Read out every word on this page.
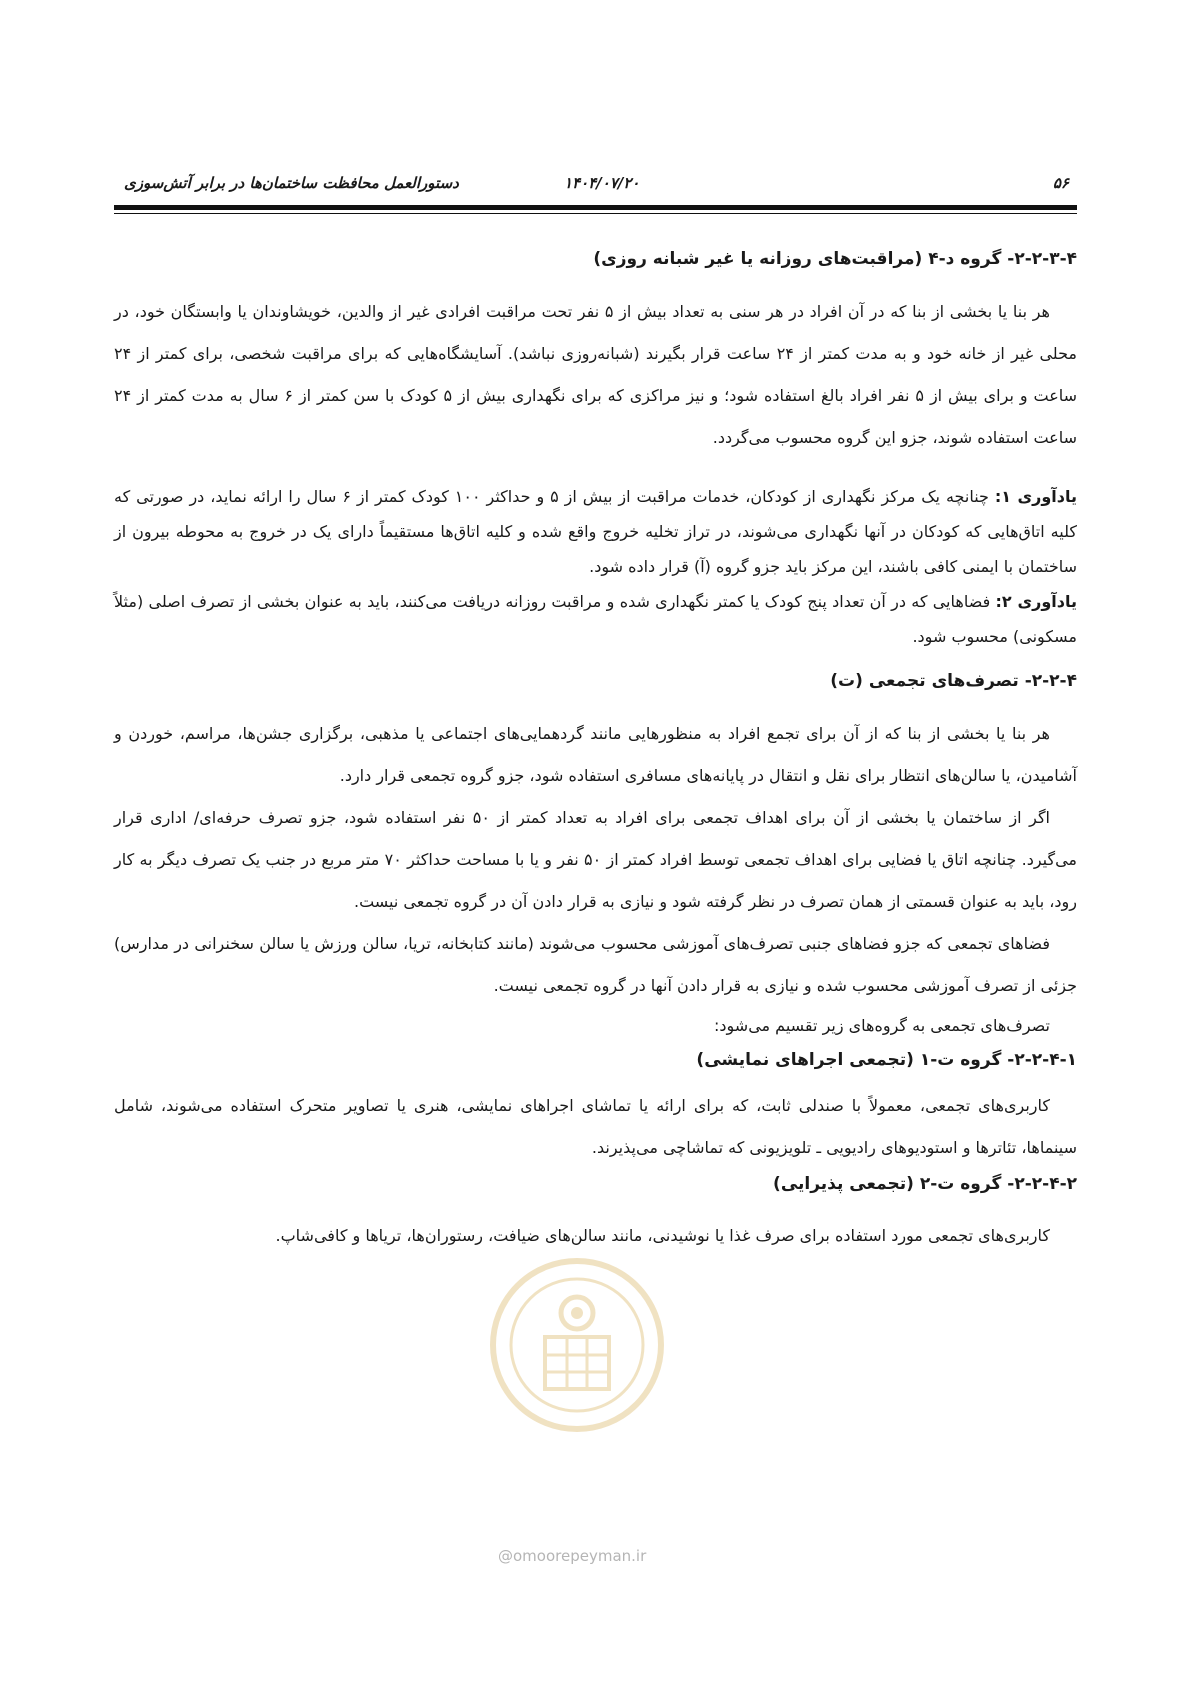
دستورالعمل محافظت ساختمان‌ها در برابر آتش‌سوزی	۱۴۰۴/۰۷/۲۰	۵۶
۲-۲-۳-۴- گروه د-۴ (مراقبت‌های روزانه یا غیر شبانه روزی)

هر بنا یا بخشی از بنا که در آن افراد در هر سنی به تعداد بیش از ۵ نفر تحت مراقبت افرادی غیر از والدین، خویشاوندان یا وابستگان خود، در محلی غیر از خانه خود و به مدت کمتر از ۲۴ ساعت قرار بگیرند (شبانه‌روزی نباشد). آسایشگاه‌هایی که برای مراقبت شخصی، برای کمتر از ۲۴ ساعت و برای بیش از ۵ نفر افراد بالغ استفاده شود؛ و نیز مراکزی که برای نگهداری بیش از ۵ کودک با سن کمتر از ۶ سال به مدت کمتر از ۲۴ ساعت استفاده شوند، جزو این گروه محسوب می‌گردد.

یادآوری ۱: چنانچه یک مرکز نگهداری از کودکان، خدمات مراقبت از بیش از ۵ و حداکثر ۱۰۰ کودک کمتر از ۶ سال را ارائه نماید، در صورتی که کلیه اتاق‌هایی که کودکان در آنها نگهداری می‌شوند، در تراز تخلیه خروج واقع شده و کلیه اتاق‌ها مستقیماً دارای یک در خروج به محوطه بیرون از ساختمان با ایمنی کافی باشند، این مرکز باید جزو گروه (آ) قرار داده شود.

یادآوری ۲: فضاهایی که در آن تعداد پنج کودک یا کمتر نگهداری شده و مراقبت روزانه دریافت می‌کنند، باید به عنوان بخشی از تصرف اصلی (مثلاً مسکونی) محسوب شود.

۲-۲-۴- تصرف‌های تجمعی (ت)

هر بنا یا بخشی از بنا که از آن برای تجمع افراد به منظورهایی مانند گردهمایی‌های اجتماعی یا مذهبی، برگزاری جشن‌ها، مراسم، خوردن و آشامیدن، یا سالن‌های انتظار برای نقل و انتقال در پایانه‌های مسافری استفاده شود، جزو گروه تجمعی قرار دارد.

اگر از ساختمان یا بخشی از آن برای اهداف تجمعی برای افراد به تعداد کمتر از ۵۰ نفر استفاده شود، جزو تصرف حرفه‌ای/ اداری قرار می‌گیرد. چنانچه اتاق یا فضایی برای اهداف تجمعی توسط افراد کمتر از ۵۰ نفر و یا با مساحت حداکثر ۷۰ متر مربع در جنب یک تصرف دیگر به کار رود، باید به عنوان قسمتی از همان تصرف در نظر گرفته شود و نیازی به قرار دادن آن در گروه تجمعی نیست.

فضاهای تجمعی که جزو فضاهای جنبی تصرف‌های آموزشی محسوب می‌شوند (مانند کتابخانه، تریا، سالن ورزش یا سالن سخنرانی در مدارس) جزئی از تصرف آموزشی محسوب شده و نیازی به قرار دادن آنها در گروه تجمعی نیست.

تصرف‌های تجمعی به گروه‌های زیر تقسیم می‌شود:

۲-۲-۴-۱- گروه ت-۱ (تجمعی اجراهای نمایشی)

کاربری‌های تجمعی، معمولاً با صندلی ثابت، که برای ارائه یا تماشای اجراهای نمایشی، هنری یا تصاویر متحرک استفاده می‌شوند، شامل سینماها، تئاترها و استودیوهای رادیویی ـ تلویزیونی که تماشاچی می‌پذیرند.

۲-۲-۴-۲- گروه ت-۲ (تجمعی پذیرایی)

کاربری‌های تجمعی مورد استفاده برای صرف غذا یا نوشیدنی، مانند سالن‌های ضیافت، رستوران‌ها، تریاها و کافی‌شاپ.

@omoorepeyman.ir
